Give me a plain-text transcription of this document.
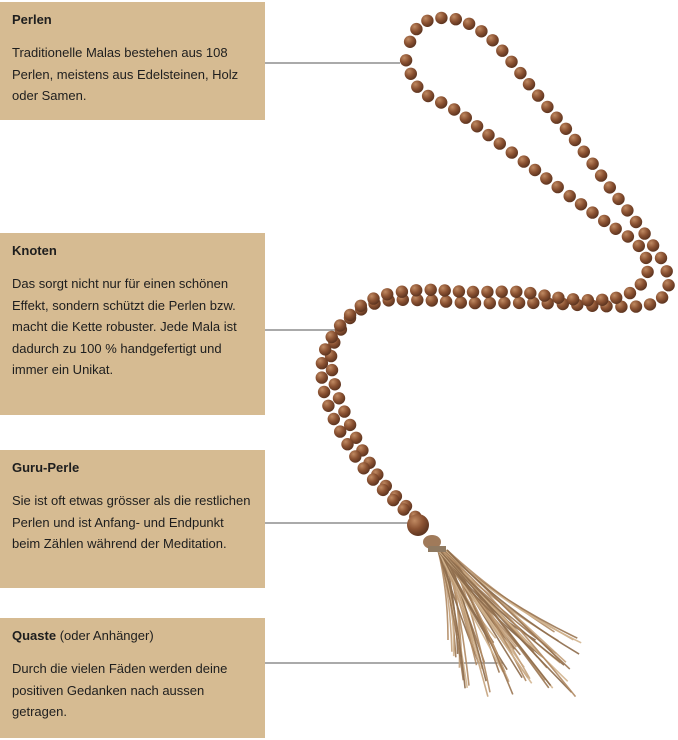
Perlen

Traditionelle Malas bestehen aus 108 Perlen, meistens aus Edelsteinen, Holz oder Samen.

Knoten

Das sorgt nicht nur für einen schönen Effekt, sondern schützt die Perlen bzw. macht die Kette robuster. Jede Mala ist dadurch zu 100 % handgefertigt und immer ein Unikat.

Guru-Perle

Sie ist oft etwas grösser als die restlichen Perlen und ist Anfang- und Endpunkt beim Zählen während der Meditation.

Quaste (oder Anhänger)

Durch die vielen Fäden werden deine positiven Gedanken nach aussen getragen.
